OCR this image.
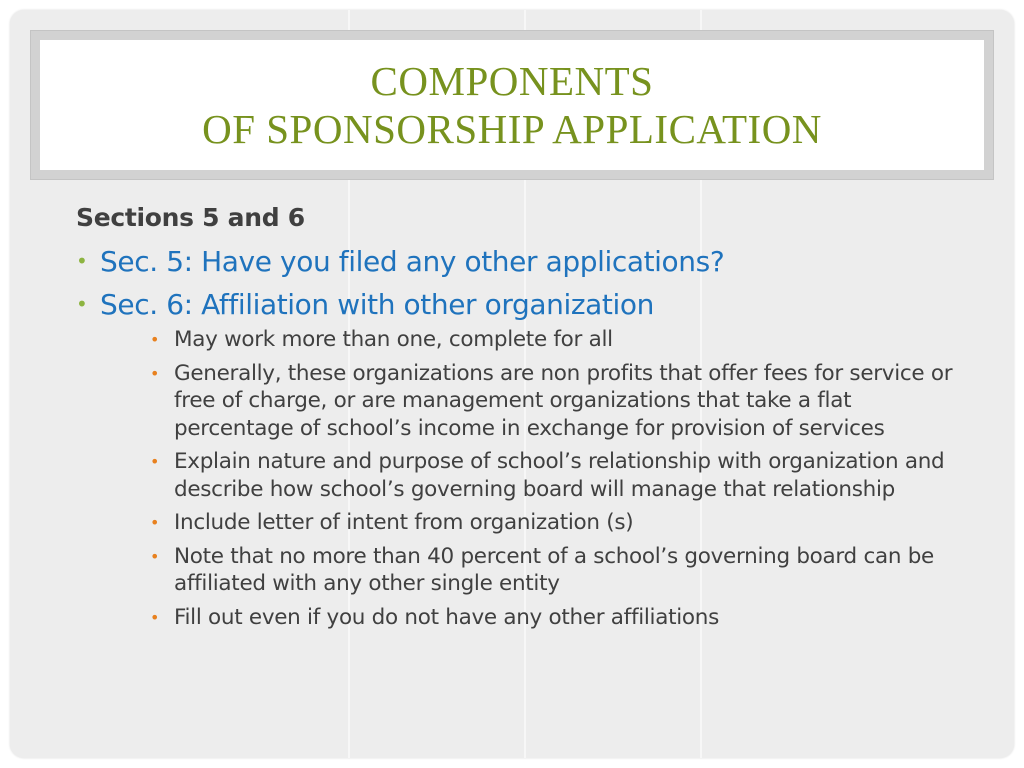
COMPONENTS
OF SPONSORSHIP APPLICATION
Sections 5 and 6
• Sec. 5: Have you filed any other applications?
• Sec. 6: Affiliation with other organization
• May work more than one, complete for all
• Generally, these organizations are non profits that offer fees for service or free of charge, or are management organizations that take a flat percentage of school’s income in exchange for provision of services
• Explain nature and purpose of school’s relationship with organization and describe how school’s governing board will manage that relationship
• Include letter of intent from organization (s)
• Note that no more than 40 percent of a school’s governing board can be affiliated with any other single entity
• Fill out even if you do not have any other affiliations
